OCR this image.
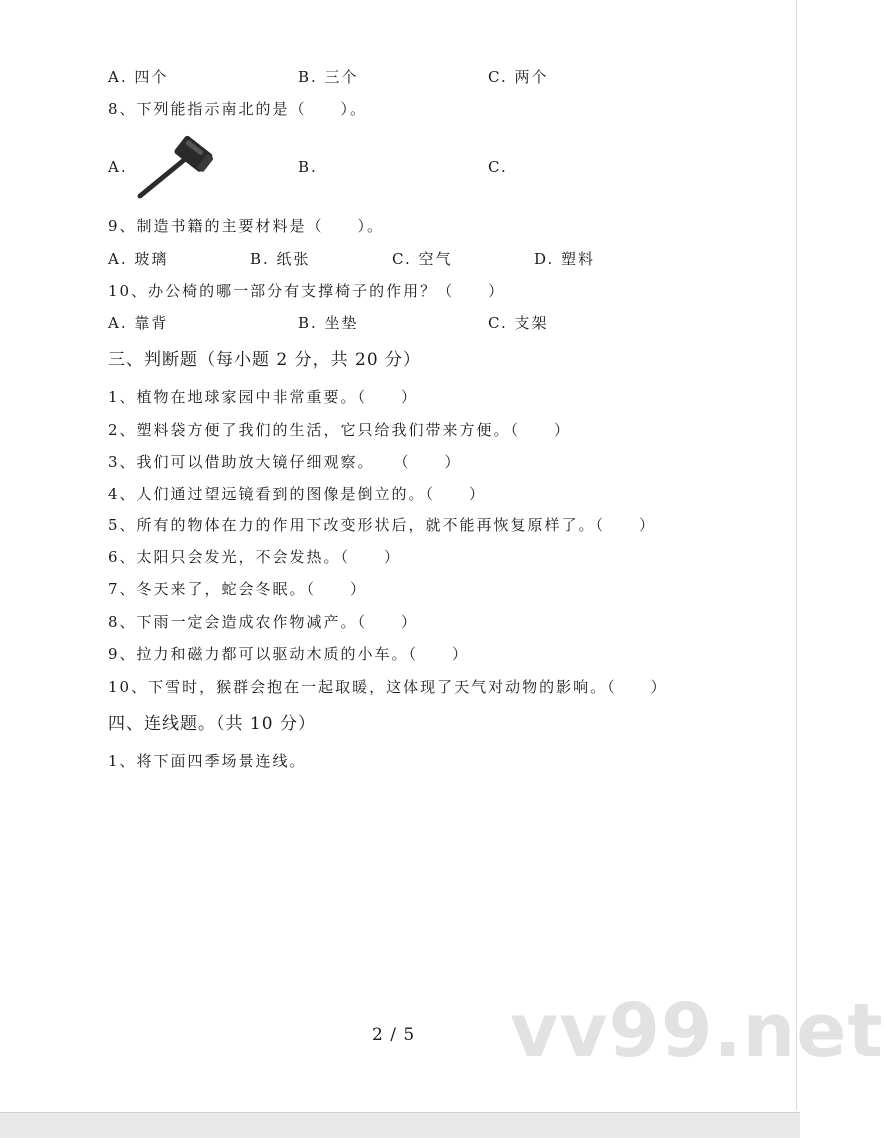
A. 四个	B. 三个	C. 两个
8、下列能指示南北的是（　　）。
A.	B.	C.
9、制造书籍的主要材料是（　　）。
A. 玻璃	B. 纸张	C. 空气	D. 塑料
10、办公椅的哪一部分有支撑椅子的作用？（　　）
A. 靠背	B. 坐垫	C. 支架
三、判断题（每小题 2 分，共 20 分）
1、植物在地球家园中非常重要。（　　）
2、塑料袋方便了我们的生活，它只给我们带来方便。（　　）
3、我们可以借助放大镜仔细观察。　　（　　）
4、人们通过望远镜看到的图像是倒立的。（　　）
5、所有的物体在力的作用下改变形状后，就不能再恢复原样了。（　　）
6、太阳只会发光，不会发热。（　　）
7、冬天来了，蛇会冬眠。（　　）
8、下雨一定会造成农作物减产。（　　）
9、拉力和磁力都可以驱动木质的小车。（　　）
10、下雪时，猴群会抱在一起取暖，这体现了天气对动物的影响。（　　）
四、连线题。（共 10 分）
1、将下面四季场景连线。
vv99.net
2 / 5
